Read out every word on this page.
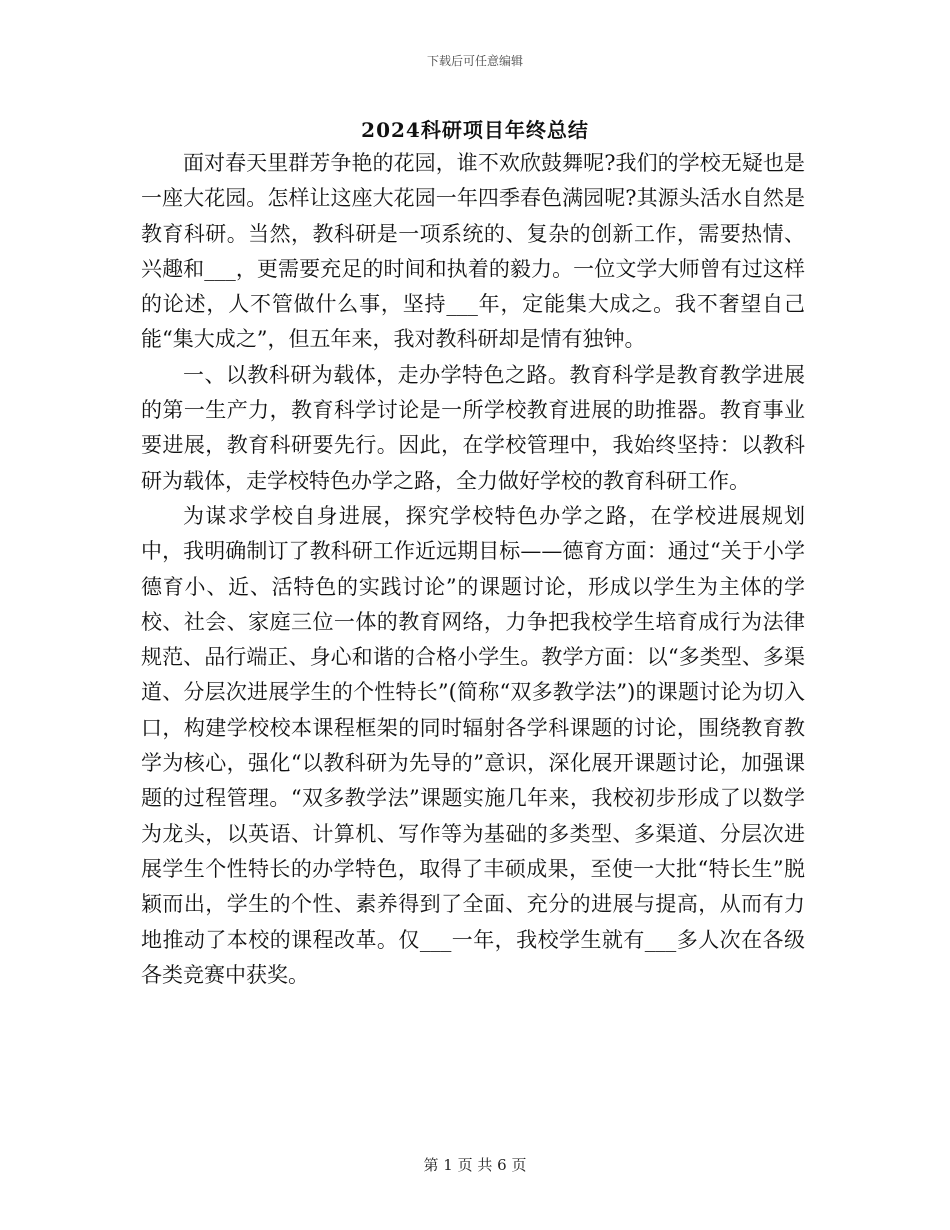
下载后可任意编辑
2024科研项目年终总结

面对春天里群芳争艳的花园，谁不欢欣鼓舞呢?我们的学校无疑也是一座大花园。怎样让这座大花园一年四季春色满园呢?其源头活水自然是教育科研。当然，教科研是一项系统的、复杂的创新工作，需要热情、兴趣和___，更需要充足的时间和执着的毅力。一位文学大师曾有过这样的论述，人不管做什么事，坚持___年，定能集大成之。我不奢望自己能“集大成之”，但五年来，我对教科研却是情有独钟。

一、以教科研为载体，走办学特色之路。教育科学是教育教学进展的第一生产力，教育科学讨论是一所学校教育进展的助推器。教育事业要进展，教育科研要先行。因此，在学校管理中，我始终坚持：以教科研为载体，走学校特色办学之路，全力做好学校的教育科研工作。

为谋求学校自身进展，探究学校特色办学之路，在学校进展规划中，我明确制订了教科研工作近远期目标——德育方面：通过“关于小学德育小、近、活特色的实践讨论”的课题讨论，形成以学生为主体的学校、社会、家庭三位一体的教育网络，力争把我校学生培育成行为法律规范、品行端正、身心和谐的合格小学生。教学方面：以“多类型、多渠道、分层次进展学生的个性特长”(简称“双多教学法”)的课题讨论为切入口，构建学校校本课程框架的同时辐射各学科课题的讨论，围绕教育教学为核心，强化“以教科研为先导的”意识，深化展开课题讨论，加强课题的过程管理。“双多教学法”课题实施几年来，我校初步形成了以数学为龙头，以英语、计算机、写作等为基础的多类型、多渠道、分层次进展学生个性特长的办学特色，取得了丰硕成果，至使一大批“特长生”脱颖而出，学生的个性、素养得到了全面、充分的进展与提高，从而有力地推动了本校的课程改革。仅___一年，我校学生就有___多人次在各级各类竞赛中获奖。

第 1 页 共 6 页
